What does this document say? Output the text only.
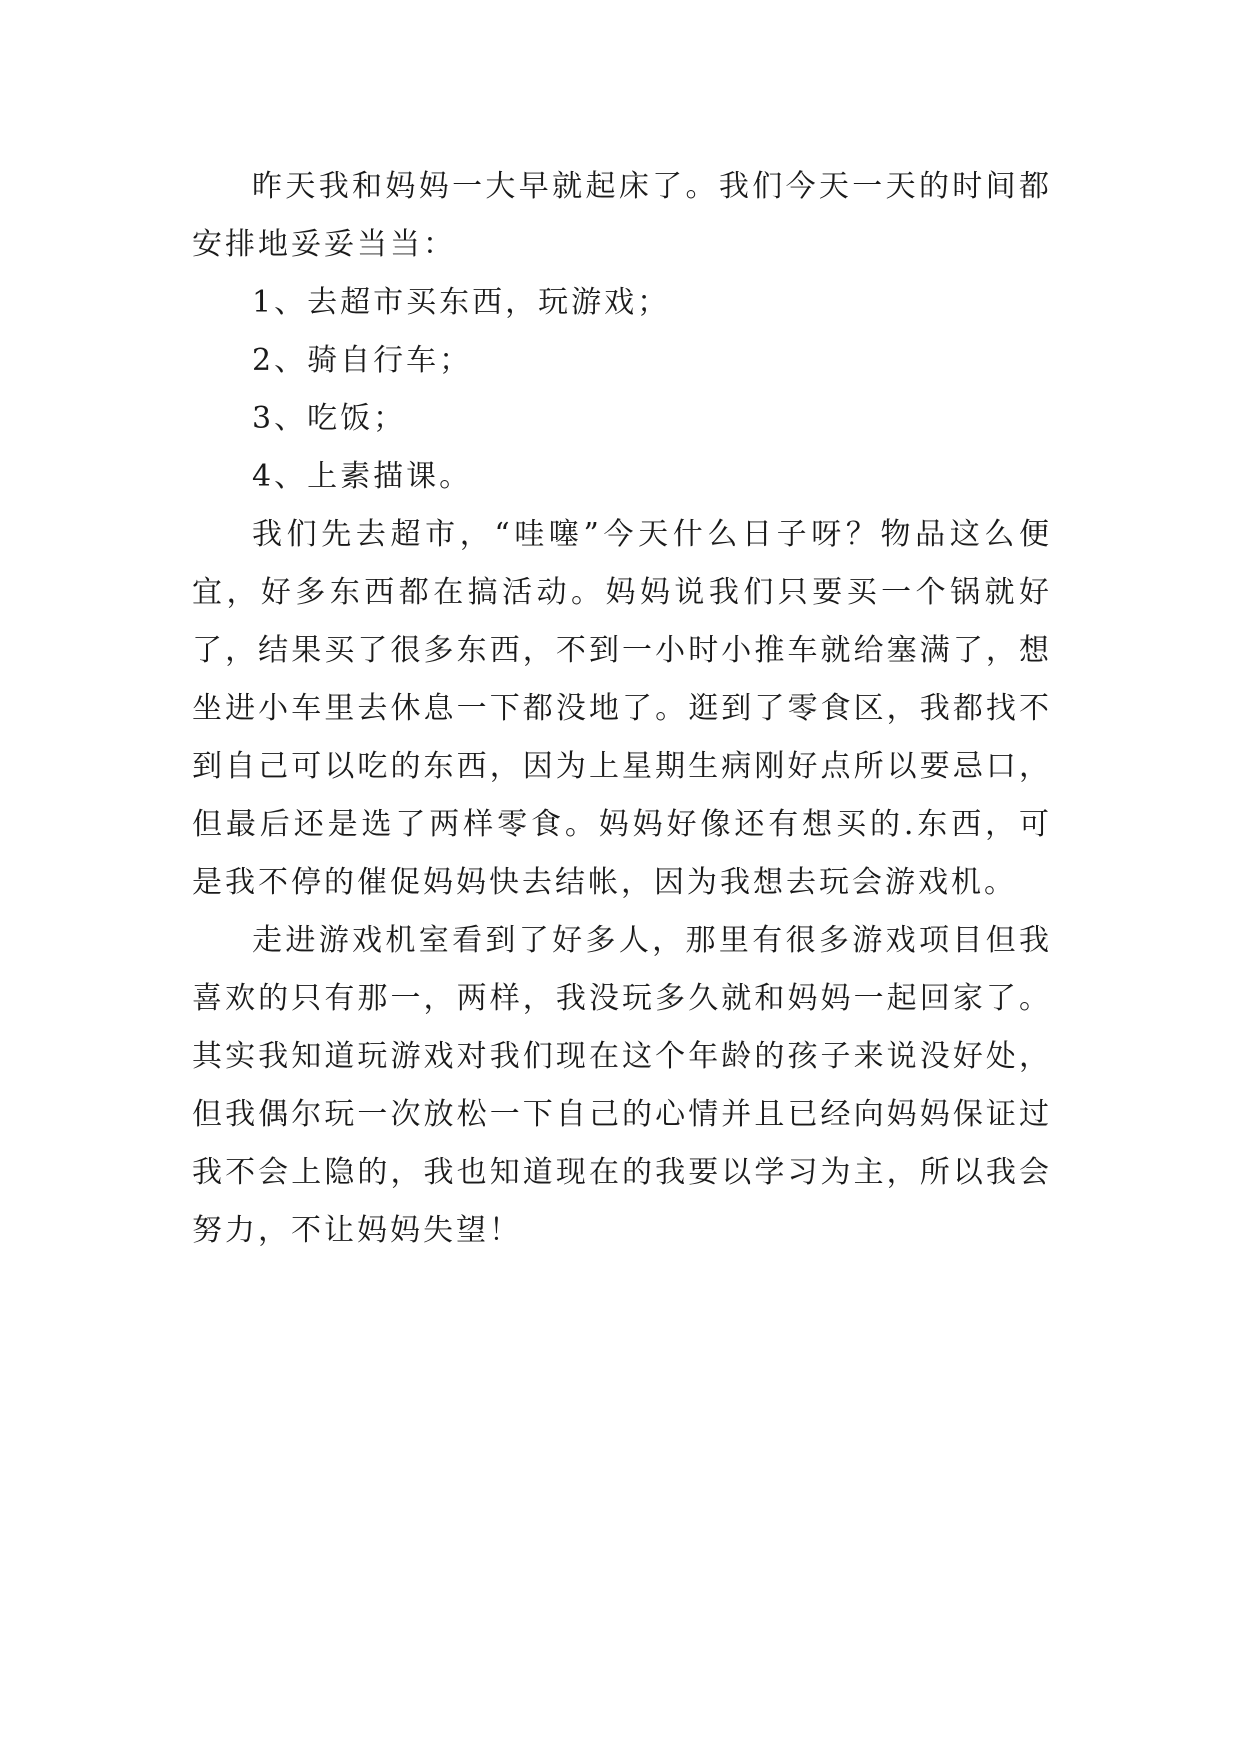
昨天我和妈妈一大早就起床了。我们今天一天的时间都安排地妥妥当当：

1、去超市买东西，玩游戏；

2、骑自行车；

3、吃饭；

4、上素描课。

我们先去超市，“哇噻”今天什么日子呀？物品这么便宜，好多东西都在搞活动。妈妈说我们只要买一个锅就好了，结果买了很多东西，不到一小时小推车就给塞满了，想坐进小车里去休息一下都没地了。逛到了零食区，我都找不到自己可以吃的东西，因为上星期生病刚好点所以要忌口，但最后还是选了两样零食。妈妈好像还有想买的.东西，可是我不停的催促妈妈快去结帐，因为我想去玩会游戏机。

走进游戏机室看到了好多人，那里有很多游戏项目但我喜欢的只有那一，两样，我没玩多久就和妈妈一起回家了。其实我知道玩游戏对我们现在这个年龄的孩子来说没好处，但我偶尔玩一次放松一下自己的心情并且已经向妈妈保证过我不会上隐的，我也知道现在的我要以学习为主，所以我会努力，不让妈妈失望！
